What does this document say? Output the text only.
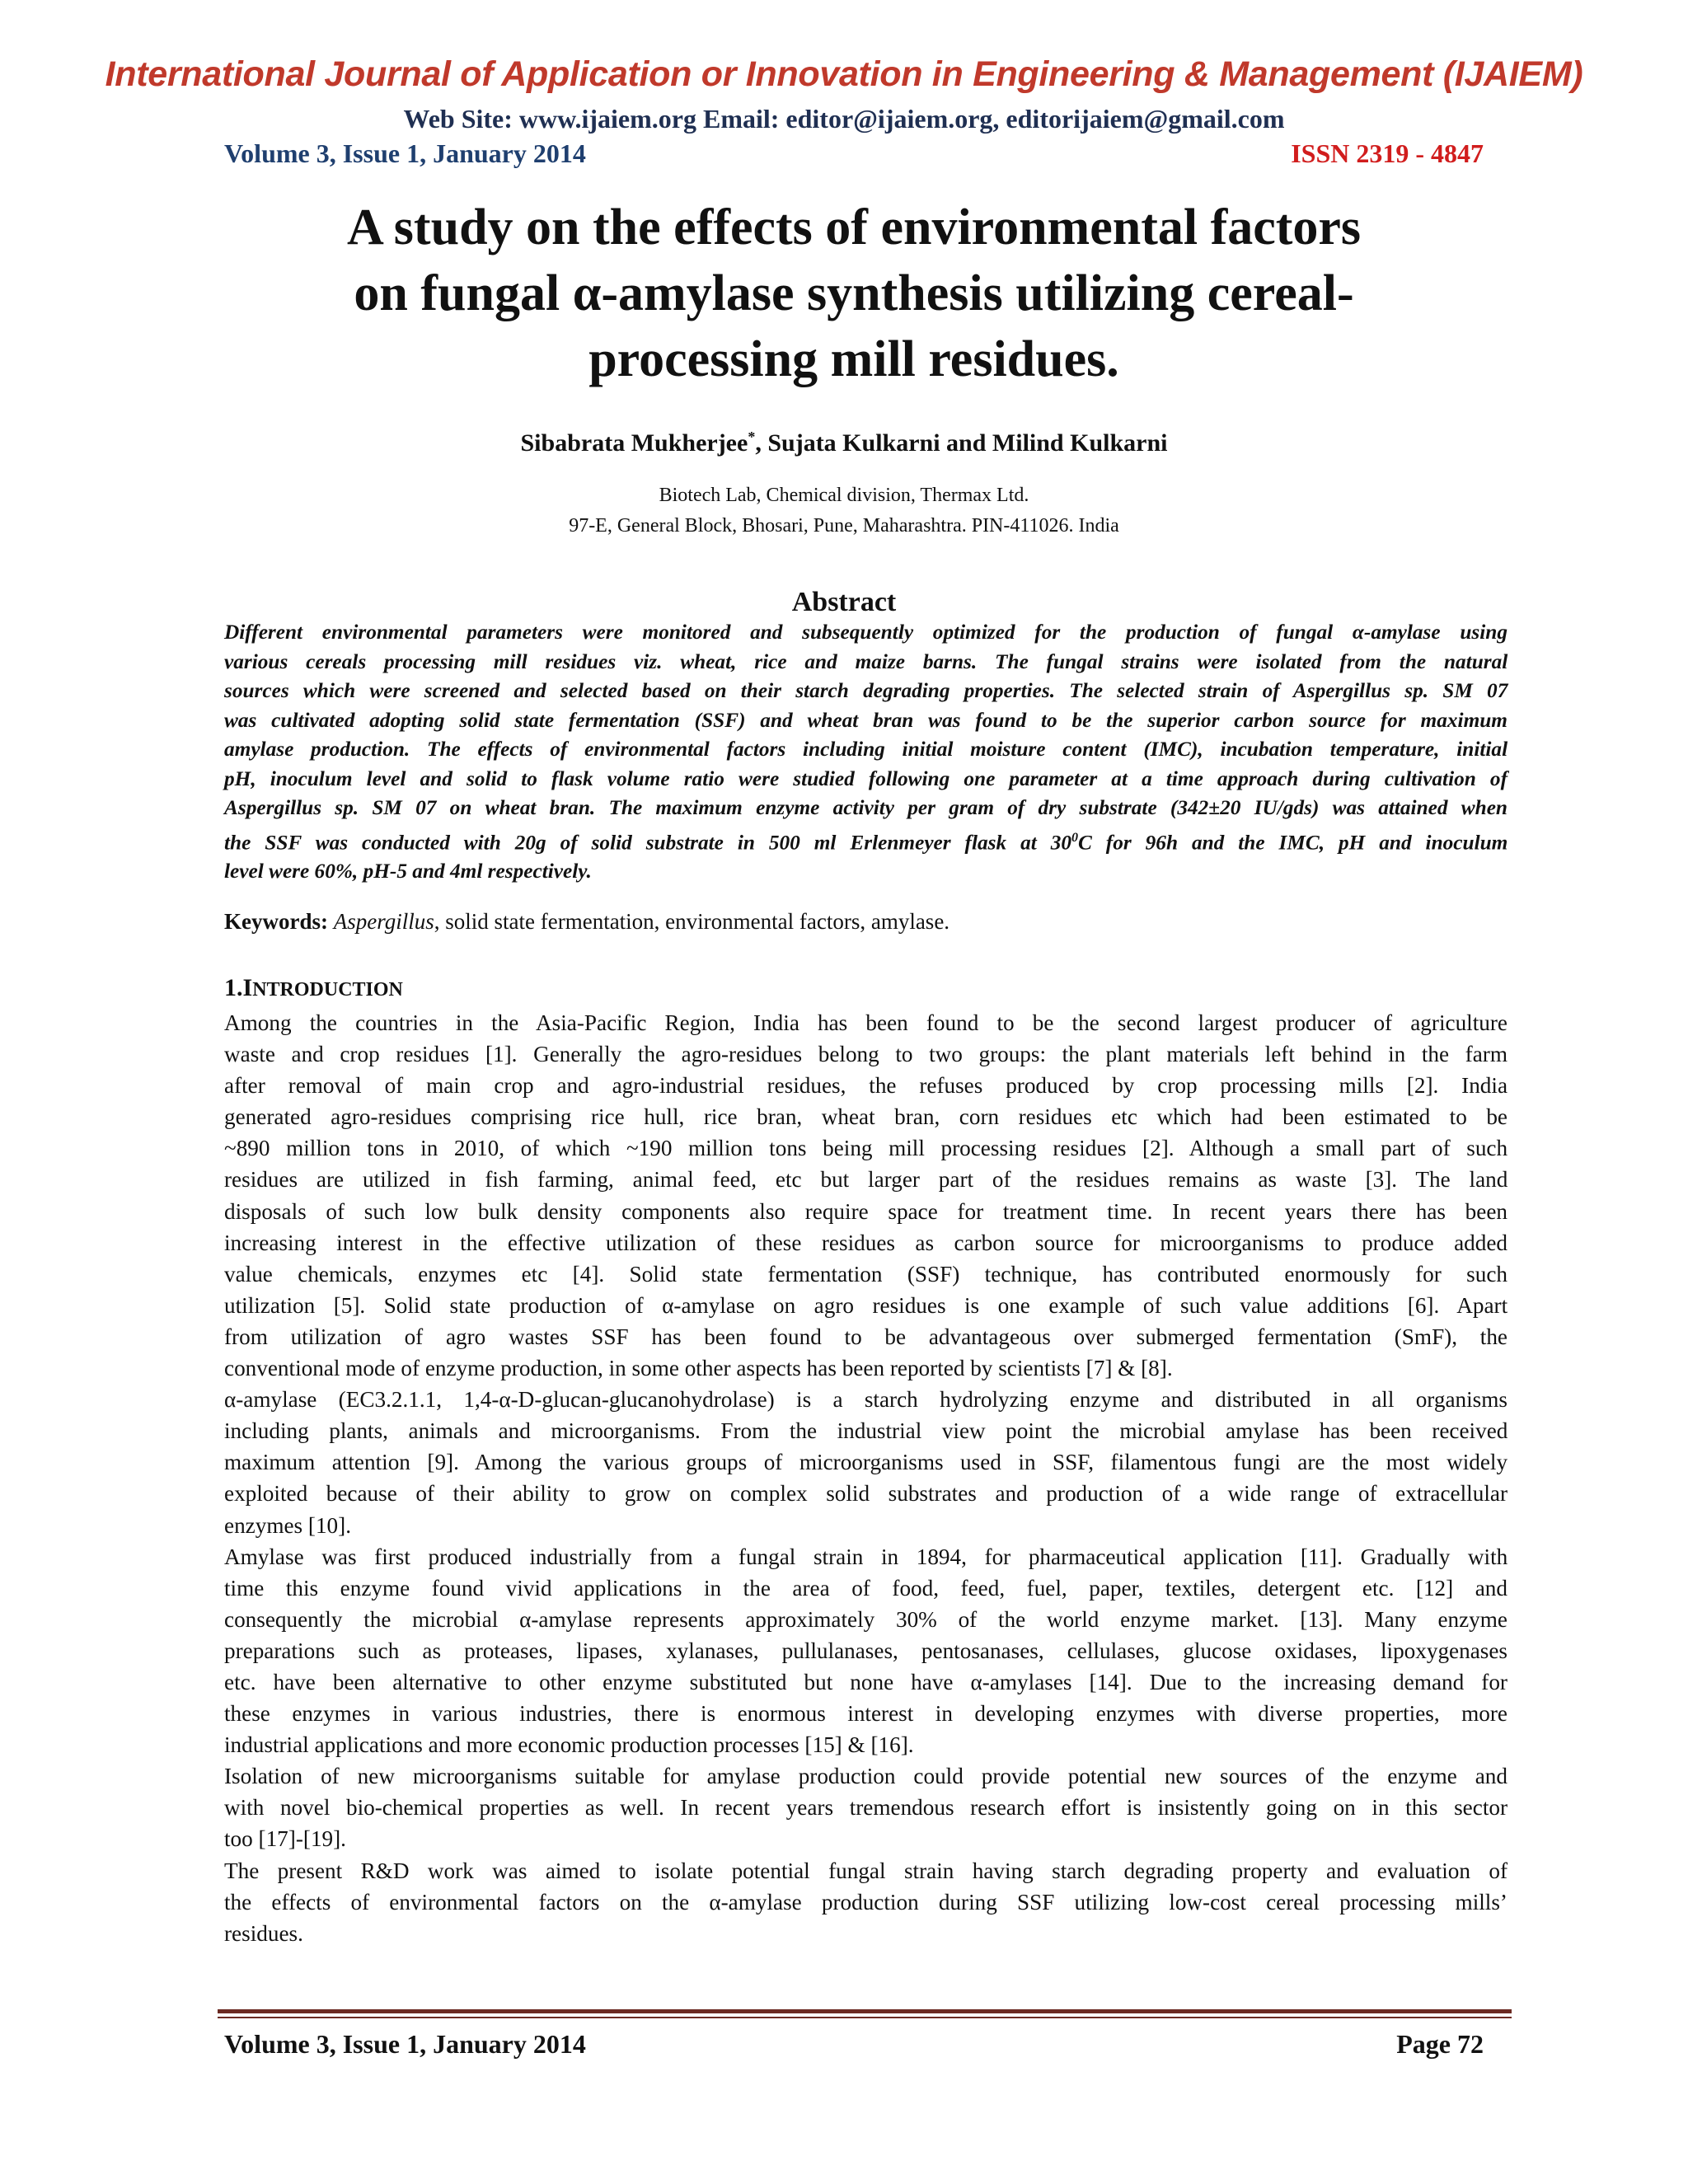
International Journal of Application or Innovation in Engineering & Management (IJAIEM)
Web Site: www.ijaiem.org Email: editor@ijaiem.org, editorijaiem@gmail.com
Volume 3, Issue 1, January 2014	ISSN 2319 - 4847
A study on the effects of environmental factors
on fungal α-amylase synthesis utilizing cereal-
processing mill residues.
Sibabrata Mukherjee*, Sujata Kulkarni and Milind Kulkarni
Biotech Lab, Chemical division, Thermax Ltd.
97-E, General Block, Bhosari, Pune, Maharashtra. PIN-411026. India
Abstract
Different environmental parameters were monitored and subsequently optimized for the production of fungal α-amylase using
various cereals processing mill residues viz. wheat, rice and maize barns. The fungal strains were isolated from the natural
sources which were screened and selected based on their starch degrading properties. The selected strain of Aspergillus sp. SM 07
was cultivated adopting solid state fermentation (SSF) and wheat bran was found to be the superior carbon source for maximum
amylase production. The effects of environmental factors including initial moisture content (IMC), incubation temperature, initial
pH, inoculum level and solid to flask volume ratio were studied following one parameter at a time approach during cultivation of
Aspergillus sp. SM 07 on wheat bran. The maximum enzyme activity per gram of dry substrate (342±20 IU/gds) was attained when
the SSF was conducted with 20g of solid substrate in 500 ml Erlenmeyer flask at $30^0C$ for 96h and the IMC, pH and inoculum
level were 60%, pH-5 and 4ml respectively.
Keywords: Aspergillus, solid state fermentation, environmental factors, amylase.
1.INTRODUCTION
Among the countries in the Asia-Pacific Region, India has been found to be the second largest producer of agriculture
waste and crop residues [1]. Generally the agro-residues belong to two groups: the plant materials left behind in the farm
after removal of main crop and agro-industrial residues, the refuses produced by crop processing mills [2]. India
generated agro-residues comprising rice hull, rice bran, wheat bran, corn residues etc which had been estimated to be
~890 million tons in 2010, of which ~190 million tons being mill processing residues [2]. Although a small part of such
residues are utilized in fish farming, animal feed, etc but larger part of the residues remains as waste [3]. The land
disposals of such low bulk density components also require space for treatment time. In recent years there has been
increasing interest in the effective utilization of these residues as carbon source for microorganisms to produce added
value chemicals, enzymes etc [4]. Solid state fermentation (SSF) technique, has contributed enormously for such
utilization [5]. Solid state production of α-amylase on agro residues is one example of such value additions [6]. Apart
from utilization of agro wastes SSF has been found to be advantageous over submerged fermentation (SmF), the
conventional mode of enzyme production, in some other aspects has been reported by scientists [7] & [8].
α-amylase (EC3.2.1.1, 1,4-α-D-glucan-glucanohydrolase) is a starch hydrolyzing enzyme and distributed in all organisms
including plants, animals and microorganisms. From the industrial view point the microbial amylase has been received
maximum attention [9]. Among the various groups of microorganisms used in SSF, filamentous fungi are the most widely
exploited because of their ability to grow on complex solid substrates and production of a wide range of extracellular
enzymes [10].
Amylase was first produced industrially from a fungal strain in 1894, for pharmaceutical application [11]. Gradually with
time this enzyme found vivid applications in the area of food, feed, fuel, paper, textiles, detergent etc. [12] and
consequently the microbial α-amylase represents approximately 30% of the world enzyme market. [13]. Many enzyme
preparations such as proteases, lipases, xylanases, pullulanases, pentosanases, cellulases, glucose oxidases, lipoxygenases
etc. have been alternative to other enzyme substituted but none have α-amylases [14]. Due to the increasing demand for
these enzymes in various industries, there is enormous interest in developing enzymes with diverse properties, more
industrial applications and more economic production processes [15] & [16].
Isolation of new microorganisms suitable for amylase production could provide potential new sources of the enzyme and
with novel bio-chemical properties as well. In recent years tremendous research effort is insistently going on in this sector
too [17]-[19].
The present R&D work was aimed to isolate potential fungal strain having starch degrading property and evaluation of
the effects of environmental factors on the α-amylase production during SSF utilizing low-cost cereal processing mills’
residues.
Volume 3, Issue 1, January 2014	Page 72
